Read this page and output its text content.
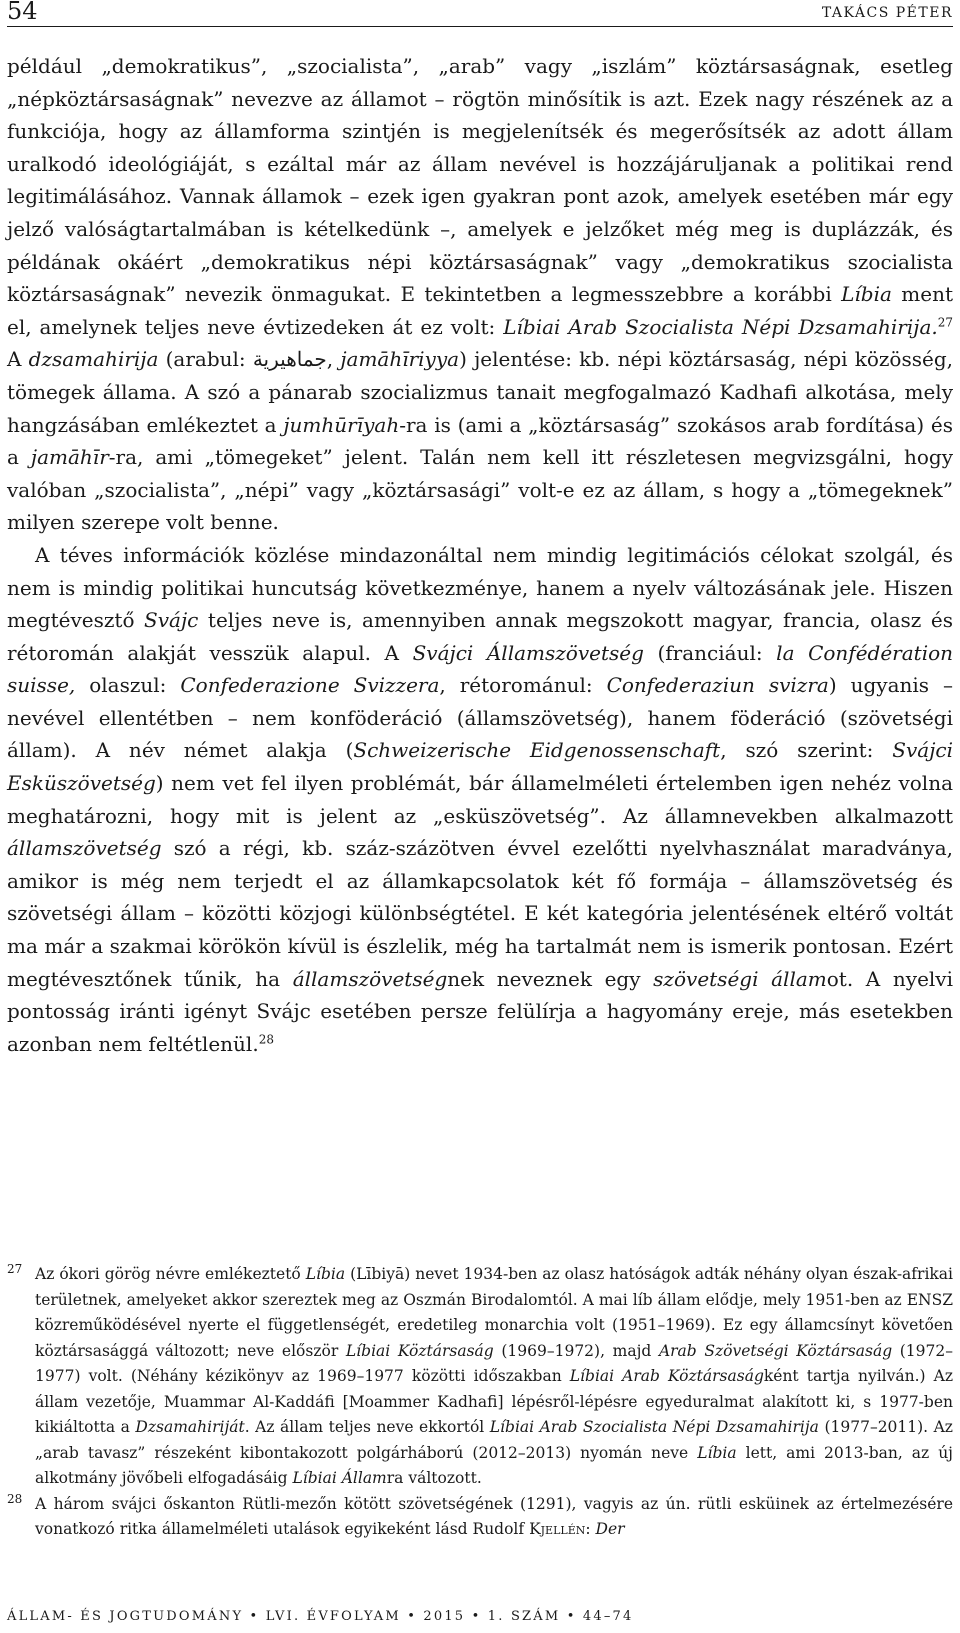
54	TAKÁCS PÉTER

például „demokratikus”, „szocialista”, „arab” vagy „iszlám” köztársaságnak, esetleg „népköztársaságnak” nevezve az államot – rögtön minősítik is azt. Ezek nagy részének az a funkciója, hogy az államforma szintjén is megjelenítsék és megerősítsék az adott állam uralkodó ideológiáját, s ezáltal már az állam nevével is hozzájáruljanak a politikai rend legitimálásához. Vannak államok – ezek igen gyakran pont azok, amelyek esetében már egy jelző valóságtartalmában is kételkedünk –, amelyek e jelzőket még meg is duplázzák, és példának okáért „demokratikus népi köztársaságnak” vagy „demokratikus szocialista köztársaságnak” nevezik önmagukat. E tekintetben a legmesszebbre a korábbi Líbia ment el, amelynek teljes neve évtizedeken át ez volt: Líbiai Arab Szocialista Népi Dzsamahirija.$^{27}$ A dzsamahirija (arabul: جماهيرية, jamāhīriyya) jelentése: kb. népi köztársaság, népi közösség, tömegek állama. A szó a pánarab szocializmus tanait megfogalmazó Kadhafi alkotása, mely hangzásában emlékeztet a jumhūrīyah-ra is (ami a „köztársaság” szokásos arab fordítása) és a jamāhīr-ra, ami „tömegeket” jelent. Talán nem kell itt részletesen megvizsgálni, hogy valóban „szocialista”, „népi” vagy „köztársasági” volt-e ez az állam, s hogy a „tömegeknek” milyen szerepe volt benne.

A téves információk közlése mindazonáltal nem mindig legitimációs célokat szolgál, és nem is mindig politikai huncutság következménye, hanem a nyelv változásának jele. Hiszen megtévesztő Svájc teljes neve is, amennyiben annak megszokott magyar, francia, olasz és rétoromán alakját vesszük alapul. A Svájci Államszövetség (franciául: la Confédération suisse, olaszul: Confederazione Svizzera, rétorománul: Confederaziun svizra) ugyanis – nevével ellentétben – nem konföderáció (államszövetség), hanem föderáció (szövetségi állam). A név német alakja (Schweizerische Eidgenossenschaft, szó szerint: Svájci Esküszövetség) nem vet fel ilyen problémát, bár államelméleti értelemben igen nehéz volna meghatározni, hogy mit is jelent az „esküszövetség”. Az államnevekben alkalmazott államszövetség szó a régi, kb. száz-százötven évvel ezelőtti nyelvhasználat maradványa, amikor is még nem terjedt el az államkapcsolatok két fő formája – államszövetség és szövetségi állam – közötti közjogi különbségtétel. E két kategória jelentésének eltérő voltát ma már a szakmai körökön kívül is észlelik, még ha tartalmát nem is ismerik pontosan. Ezért megtévesztőnek tűnik, ha államszövetségnek neveznek egy szövetségi államot. A nyelvi pontosság iránti igényt Svájc esetében persze felülírja a hagyomány ereje, más esetekben azonban nem feltétlenül.$^{28}$

27 Az ókori görög névre emlékeztető Líbia (Lībiyā) nevet 1934-ben az olasz hatóságok adták néhány olyan észak-afrikai területnek, amelyeket akkor szereztek meg az Oszmán Birodalomtól. A mai líb állam elődje, mely 1951-ben az ENSZ közreműködésével nyerte el függetlenségét, eredetileg monarchia volt (1951–1969). Ez egy államcsínyt követően köztársasággá változott; neve először Líbiai Köztársaság (1969–1972), majd Arab Szövetségi Köztársaság (1972–1977) volt. (Néhány kézikönyv az 1969–1977 közötti időszakban Líbiai Arab Köztársaságként tartja nyilván.) Az állam vezetője, Muammar Al-Kaddáfi [Moammer Kadhafi] lépésről-lépésre egyeduralmat alakított ki, s 1977-ben kikiáltotta a Dzsamahiriját. Az állam teljes neve ekkortól Líbiai Arab Szocialista Népi Dzsamahirija (1977–2011). Az „arab tavasz” részeként kibontakozott polgárháború (2012–2013) nyomán neve Líbia lett, ami 2013-ban, az új alkotmány jövőbeli elfogadásáig Líbiai Államra változott.
28 A három svájci őskanton Rütli-mezőn kötött szövetségének (1291), vagyis az ún. rütli esküinek az értelmezésére vonatkozó ritka államelméleti utalások egyikeként lásd Rudolf Kjellén: Der
ÁLLAM- ÉS JOGTUDOMÁNY • LVI. ÉVFOLYAM • 2015 • 1. SZÁM • 44–74
